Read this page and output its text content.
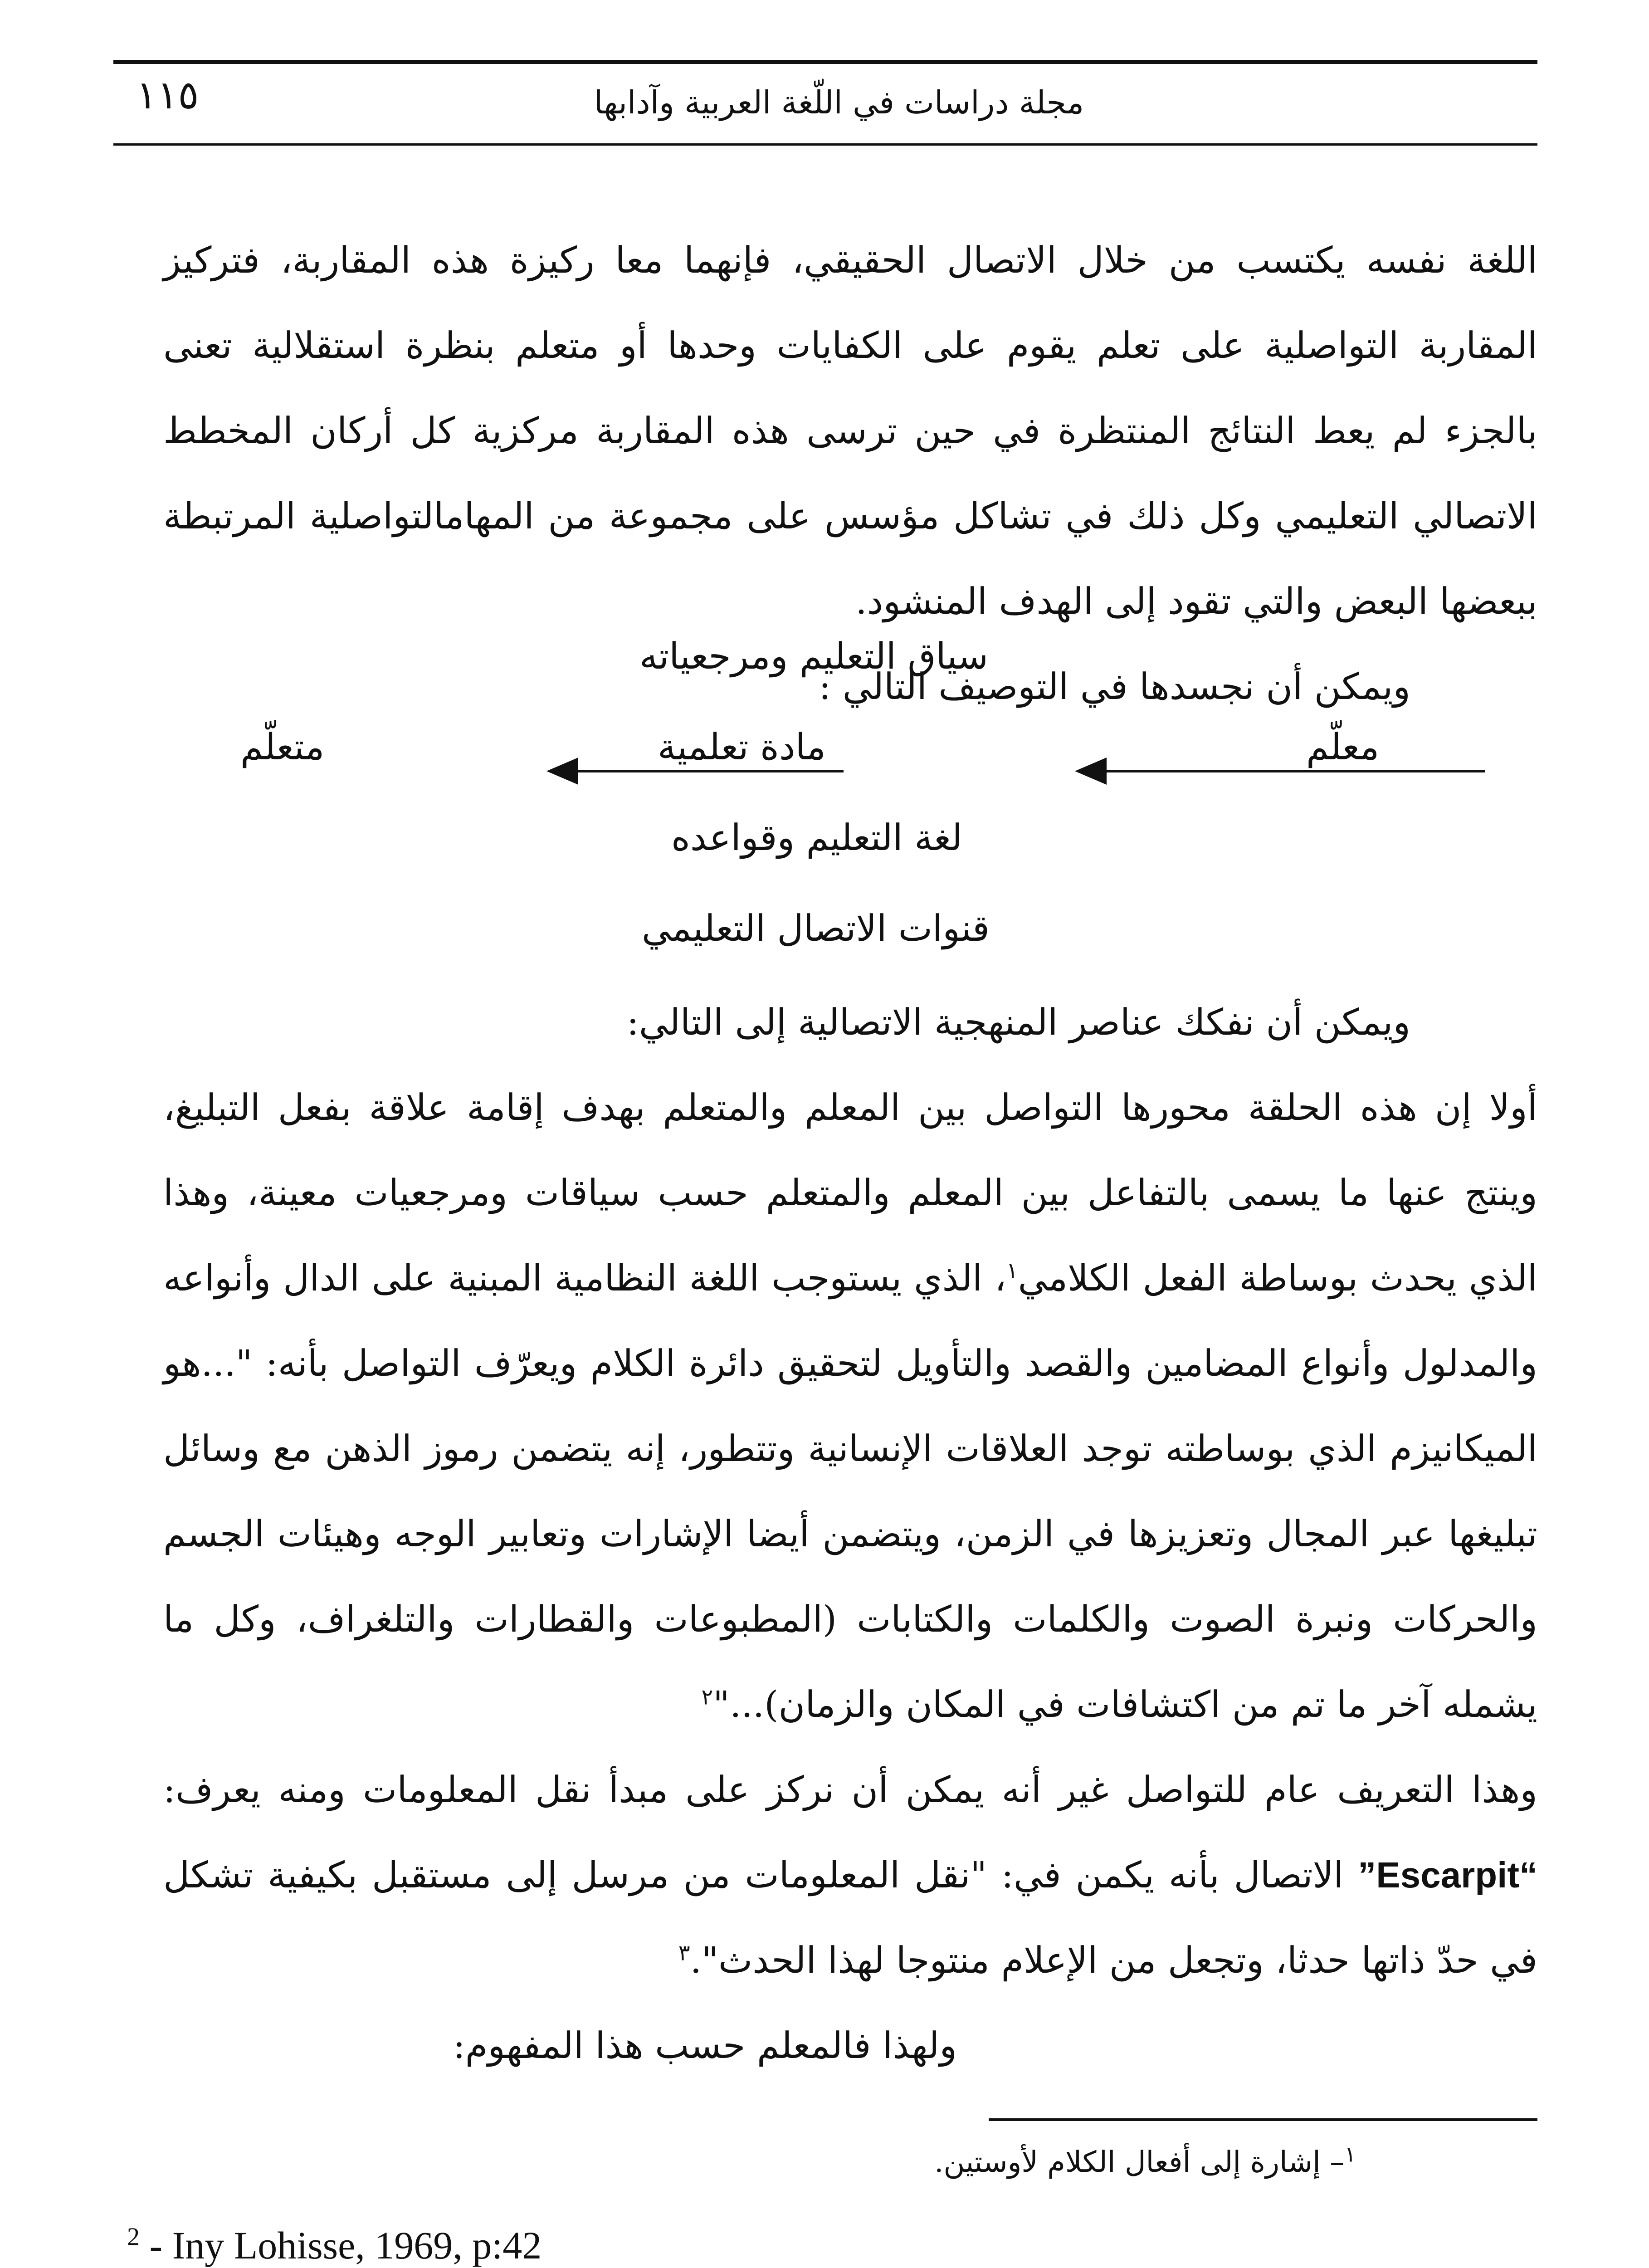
١١٥	مجلة دراسات في اللّغة العربية وآدابها

اللغة نفسه يكتسب من خلال الاتصال الحقيقي، فإنهما معا ركيزة هذه المقاربة، فتركيز المقاربة التواصلية على تعلم يقوم على الكفايات وحدها أو متعلم بنظرة استقلالية تعنى بالجزء لم يعط النتائج المنتظرة في حين ترسى هذه المقاربة مركزية كل أركان المخطط الاتصالي التعليمي وكل ذلك في تشاكل مؤسس على مجموعة من المهامالتواصلية المرتبطة ببعضها البعض والتي تقود إلى الهدف المنشود.

ويمكن أن نجسدها في التوصيف التالي :

سياق التعليم ومرجعياته
معلّم
مادة تعلمية
متعلّم
لغة التعليم وقواعده
قنوات الاتصال التعليمي

ويمكن أن نفكك عناصر المنهجية الاتصالية إلى التالي:

أولا إن هذه الحلقة محورها التواصل بين المعلم والمتعلم بهدف إقامة علاقة بفعل التبليغ، وينتج عنها ما يسمى بالتفاعل بين المعلم والمتعلم حسب سياقات ومرجعيات معينة، وهذا الذي يحدث بوساطة الفعل الكلامي$^١$، الذي يستوجب اللغة النظامية المبنية على الدال وأنواعه والمدلول وأنواع المضامين والقصد والتأويل لتحقيق دائرة الكلام ويعرّف التواصل بأنه: "...هو الميكانيزم الذي بوساطته توجد العلاقات الإنسانية وتتطور، إنه يتضمن رموز الذهن مع وسائل تبليغها عبر المجال وتعزيزها في الزمن، ويتضمن أيضا الإشارات وتعابير الوجه وهيئات الجسم والحركات ونبرة الصوت والكلمات والكتابات (المطبوعات والقطارات والتلغراف، وكل ما يشمله آخر ما تم من اكتشافات في المكان والزمان)..."$^٢$

وهذا التعريف عام للتواصل غير أنه يمكن أن نركز على مبدأ نقل المعلومات ومنه يعرف: “Escarpit” الاتصال بأنه يكمن في: "نقل المعلومات من مرسل إلى مستقبل بكيفية تشكل في حدّ ذاتها حدثا، وتجعل من الإعلام منتوجا لهذا الحدث".$^٣$

ولهذا فالمعلم حسب هذا المفهوم:

$^١$– إشارة إلى أفعال الكلام لأوستين.
$^2$ - Iny Lohisse, 1969, p:42
